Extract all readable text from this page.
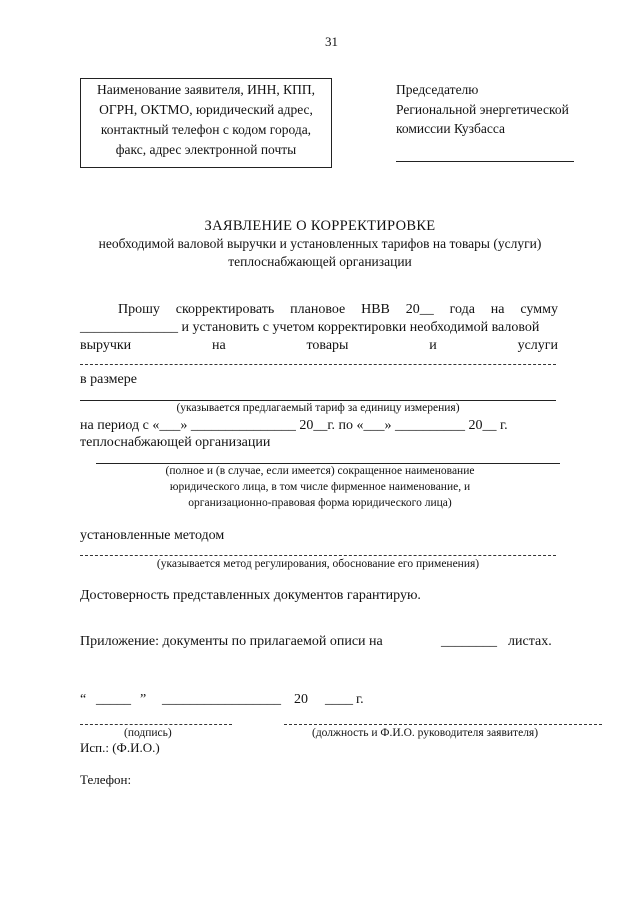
31
Наименование заявителя, ИНН, КПП,
ОГРН, ОКТМО, юридический адрес,
контактный телефон с кодом города,
факс, адрес электронной почты
Председателю
Региональной энергетической
комиссии Кузбасса
ЗАЯВЛЕНИЕ О КОРРЕКТИРОВКЕ
необходимой валовой выручки и установленных тарифов на товары (услуги)
теплоснабжающей организации
Прошу скорректировать плановое НВВ 20__ года на сумму
______________ и установить с учетом корректировки необходимой валовой
выручки	на	товары	и	услуги
в размере
(указывается предлагаемый тариф за единицу измерения)
на период с «___» _______________ 20__г. по «___» __________ 20__ г.
теплоснабжающей организации
(полное и (в случае, если имеется) сокращенное наименование
юридического лица, в том числе фирменное наименование, и
организационно-правовая форма юридического лица)
установленные методом
(указывается метод регулирования, обоснование его применения)
Достоверность представленных документов гарантирую.
Приложение: документы по прилагаемой описи на	________ листах.
“ _____ ” _________________ 20 ____ г.
(подпись)	(должность и Ф.И.О. руководителя заявителя)
Исп.: (Ф.И.О.)
Телефон:
